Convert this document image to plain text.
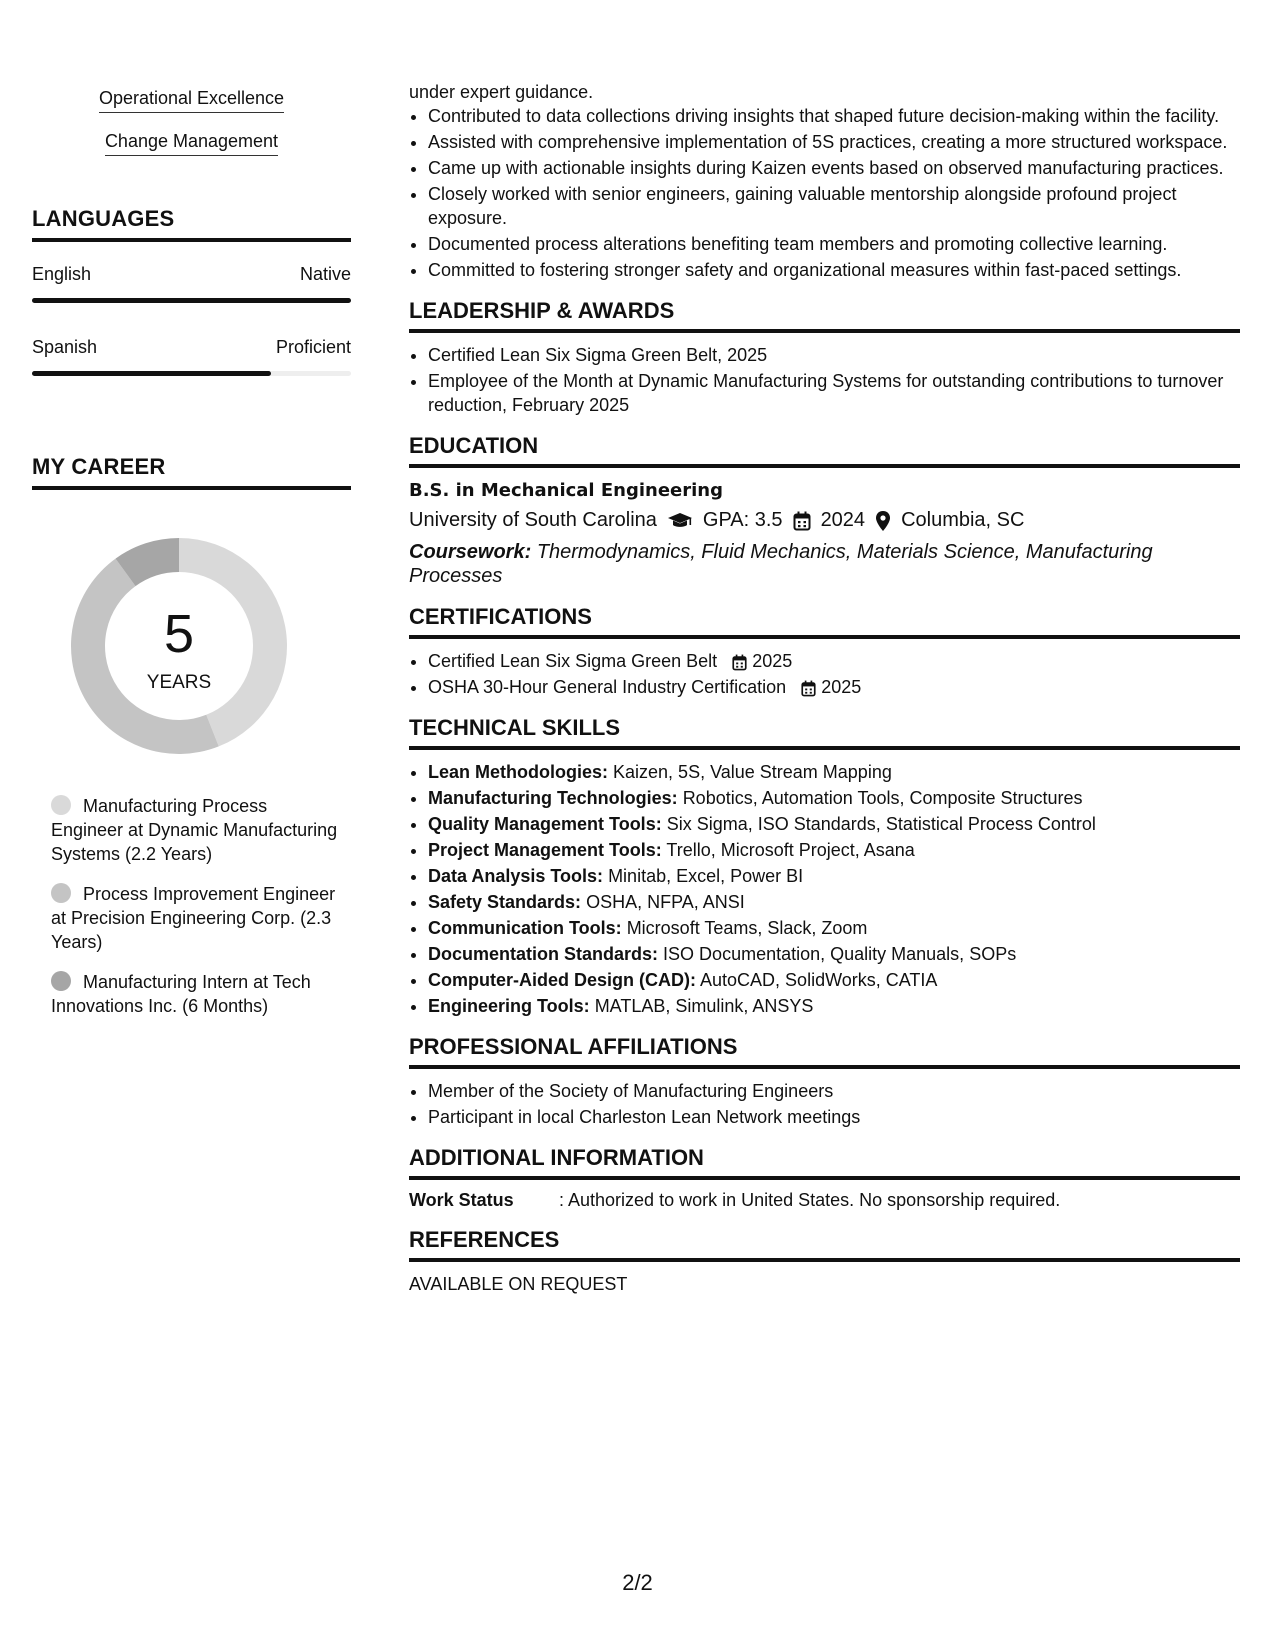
Operational Excellence
Change Management
LANGUAGES
English	Native
Spanish	Proficient
MY CAREER
5
YEARS
Manufacturing Process Engineer at Dynamic Manufacturing Systems (2.2 Years)
Process Improvement Engineer at Precision Engineering Corp. (2.3 Years)
Manufacturing Intern at Tech Innovations Inc. (6 Months)
under expert guidance.
• Contributed to data collections driving insights that shaped future decision-making within the facility.
• Assisted with comprehensive implementation of 5S practices, creating a more structured workspace.
• Came up with actionable insights during Kaizen events based on observed manufacturing practices.
• Closely worked with senior engineers, gaining valuable mentorship alongside profound project exposure.
• Documented process alterations benefiting team members and promoting collective learning.
• Committed to fostering stronger safety and organizational measures within fast-paced settings.
LEADERSHIP & AWARDS
• Certified Lean Six Sigma Green Belt, 2025
• Employee of the Month at Dynamic Manufacturing Systems for outstanding contributions to turnover reduction, February 2025
EDUCATION
B.S. in Mechanical Engineering
University of South Carolina GPA: 3.5 2024 Columbia, SC
Coursework: Thermodynamics, Fluid Mechanics, Materials Science, Manufacturing Processes
CERTIFICATIONS
• Certified Lean Six Sigma Green Belt 2025
• OSHA 30-Hour General Industry Certification 2025
TECHNICAL SKILLS
• Lean Methodologies: Kaizen, 5S, Value Stream Mapping
• Manufacturing Technologies: Robotics, Automation Tools, Composite Structures
• Quality Management Tools: Six Sigma, ISO Standards, Statistical Process Control
• Project Management Tools: Trello, Microsoft Project, Asana
• Data Analysis Tools: Minitab, Excel, Power BI
• Safety Standards: OSHA, NFPA, ANSI
• Communication Tools: Microsoft Teams, Slack, Zoom
• Documentation Standards: ISO Documentation, Quality Manuals, SOPs
• Computer-Aided Design (CAD): AutoCAD, SolidWorks, CATIA
• Engineering Tools: MATLAB, Simulink, ANSYS
PROFESSIONAL AFFILIATIONS
• Member of the Society of Manufacturing Engineers
• Participant in local Charleston Lean Network meetings
ADDITIONAL INFORMATION
Work Status	: Authorized to work in United States. No sponsorship required.
REFERENCES
AVAILABLE ON REQUEST
2/2
